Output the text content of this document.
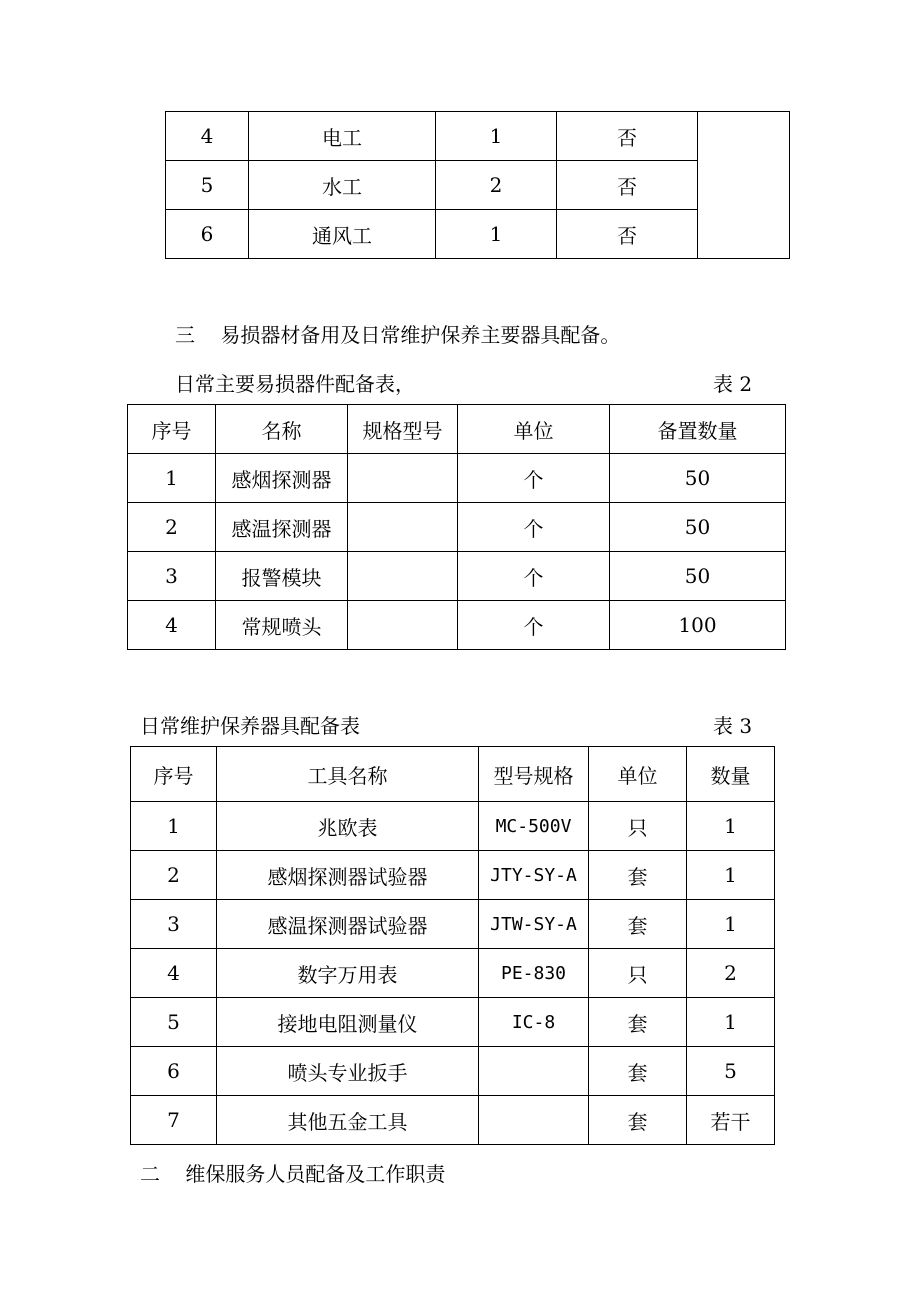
4	电工	1	否	
5	水工	2	否	
6	通风工	1	否	
三    易损器材备用及日常维护保养主要器具配备。
日常主要易损器件配备表，	表 2
序号	名称	规格型号	单位	备置数量
1	感烟探测器		个	50
2	感温探测器		个	50
3	报警模块		个	50
4	常规喷头		个	100
日常维护保养器具配备表	表 3
序号	工具名称	型号规格	单位	数量
1	兆欧表	MC-500V	只	1
2	感烟探测器试验器	JTY-SY-A	套	1
3	感温探测器试验器	JTW-SY-A	套	1
4	数字万用表	PE-830	只	2
5	接地电阻测量仪	IC-8	套	1
6	喷头专业扳手		套	5
7	其他五金工具		套	若干
二    维保服务人员配备及工作职责
